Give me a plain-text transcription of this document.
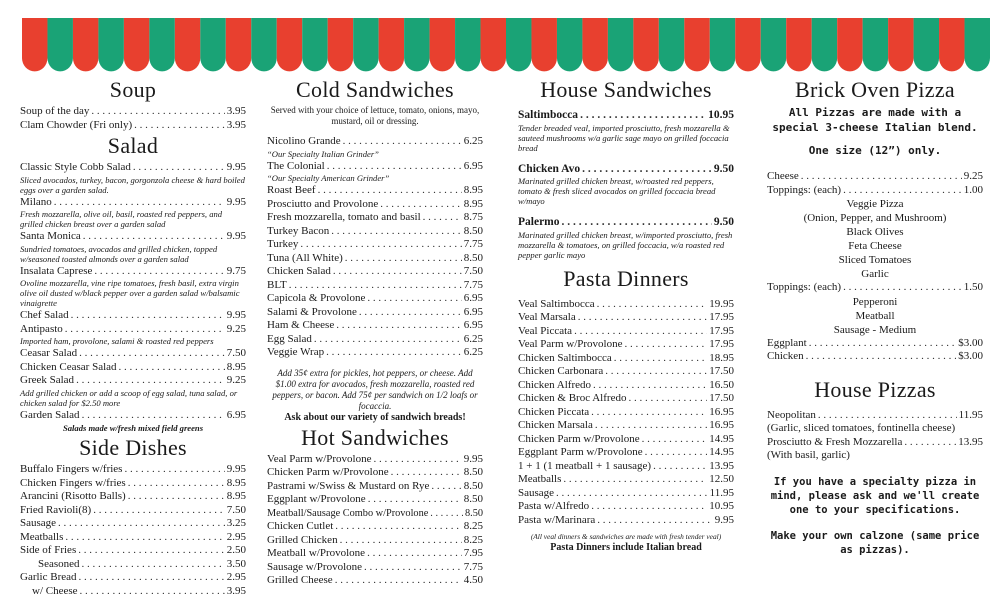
Soup
Soup of the day . . .	3.95
Clam Chowder (Fri only) . . .	3.95
Salad
Classic Style Cobb Salad . . .	9.95
Sliced avocados, turkey, bacon, gorgonzola cheese & hard boiled eggs over a garden salad.
Milano . . .	9.95
Fresh mozzarella, olive oil, basil, roasted red peppers, and grilled chicken breast over a garden salad
Santa Monica . . .	9.95
Sundried tomatoes, avocados and grilled chicken, topped w/seasoned toasted almonds over a garden salad
Insalata Caprese . . .	9.75
Ovoline mozzarella, vine ripe tomatoes, fresh basil, extra virgin olive oil dusted w/black pepper over a garden salad w/balsamic vinaigrette
Chef Salad . . .	9.95
Antipasto . . .	9.25
Imported ham, provolone, salami & roasted red peppers
Ceasar Salad . . .	7.50
Chicken Ceasar Salad . . .	8.95
Greek Salad . . .	9.25
Add grilled chicken or add a scoop of egg salad, tuna salad, or chicken salad for $2.50 more
Garden Salad . . .	6.95
Salads made w/fresh mixed field greens
Side Dishes
Buffalo Fingers w/fries . . .	9.95
Chicken Fingers w/fries . . .	8.95
Arancini (Risotto Balls) . . .	8.95
Fried Ravioli(8) . . .	7.50
Sausage . . .	3.25
Meatballs . . .	2.95
Side of Fries . . .	2.50
Seasoned . . .	3.50
Garlic Bread . . .	2.95
w/ Cheese . . .	3.95
Cold Sandwiches
Served with your choice of lettuce, tomato, onions, mayo, mustard, oil or dressing.
Nicolino Grande . . .	6.25
“Our Specialty Italian Grinder”
The Colonial . . .	6.95
“Our Specialty American Grinder”
Roast Beef . . .	8.95
Prosciutto and Provolone . . .	8.95
Fresh mozzarella, tomato and basil . . .	8.75
Turkey Bacon . . .	8.50
Turkey . . .	7.75
Tuna (All White) . . .	8.50
Chicken Salad . . .	7.50
BLT . . .	7.75
Capicola & Provolone . . .	6.95
Salami & Provolone . . .	6.95
Ham & Cheese . . .	6.95
Egg Salad . . .	6.25
Veggie Wrap . . .	6.25
Add 35¢ extra for pickles, hot peppers, or cheese. Add $1.00 extra for avocados, fresh mozzarella, roasted red peppers, or bacon. Add 75¢ per sandwich on 1/2 loafs or focaccia.
Ask about our variety of sandwich breads!
Hot Sandwiches
Veal Parm w/Provolone . . .	9.95
Chicken Parm w/Provolone . . .	8.50
Pastrami w/Swiss & Mustard on Rye . . .	8.50
Eggplant w/Provolone . . .	8.50
Meatball/Sausage Combo w/Provolone . . .	8.50
Chicken Cutlet . . .	8.25
Grilled Chicken . . .	8.25
Meatball w/Provolone . . .	7.95
Sausage w/Provolone . . .	7.75
Grilled Cheese . . .	4.50
House Sandwiches
Saltimbocca . . .	10.95
Tender breaded veal, imported prosciutto, fresh mozzarella & sauteed mushrooms w/a garlic sage mayo on grilled foccacia bread
Chicken Avo . . .	9.50
Marinated grilled chicken breast, w/roasted red peppers, tomato & fresh sliced avocados on grilled foccacia bread w/mayo
Palermo . . .	9.50
Marinated grilled chicken breast, w/imported prosciutto, fresh mozzarella & tomatoes, on grilled foccacia, w/a roasted red pepper garlic mayo
Pasta Dinners
Veal Saltimbocca . . .	19.95
Veal Marsala . . .	17.95
Veal Piccata . . .	17.95
Veal Parm w/Provolone . . .	17.95
Chicken Saltimbocca . . .	18.95
Chicken Carbonara . . .	17.50
Chicken Alfredo . . .	16.50
Chicken & Broc Alfredo . . .	17.50
Chicken Piccata . . .	16.95
Chicken Marsala . . .	16.95
Chicken Parm w/Provolone . . .	14.95
Eggplant Parm w/Provolone . . .	14.95
1 + 1 (1 meatball + 1 sausage) . . .	13.95
Meatballs . . .	12.50
Sausage . . .	11.95
Pasta w/Alfredo . . .	10.95
Pasta w/Marinara . . .	9.95
(All veal dinners & sandwiches are made with fresh tender veal)
Pasta Dinners include Italian bread
Brick Oven Pizza
All Pizzas are made with a special 3-cheese Italian blend.
One size (12”) only.
Cheese . . .	9.25
Toppings: (each) . . .	1.00
Veggie Pizza
(Onion, Pepper, and Mushroom)
Black Olives
Feta Cheese
Sliced Tomatoes
Garlic
Toppings: (each) . . .	1.50
Pepperoni
Meatball
Sausage - Medium
Eggplant . . .	$3.00
Chicken . . .	$3.00
House Pizzas
Neopolitan . . .	11.95
(Garlic, sliced tomatoes, fontinella cheese)
Prosciutto & Fresh Mozzarella . . .	13.95
(With basil, garlic)
If you have a specialty pizza in mind, please ask and we'll create one to your specifications.
Make your own calzone (same price as pizzas).
